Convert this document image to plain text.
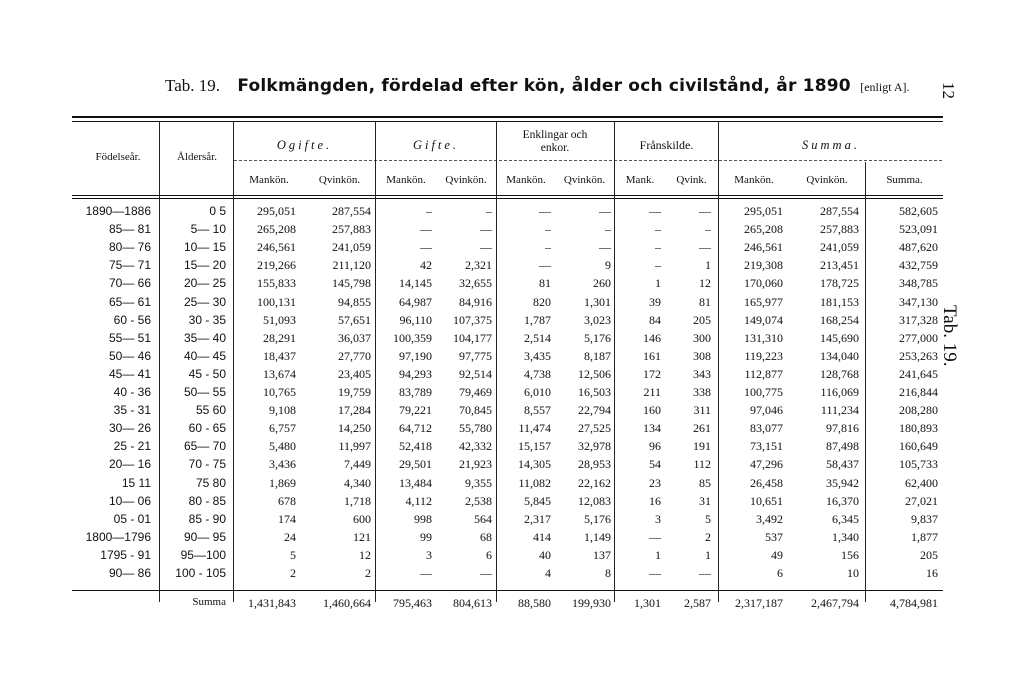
Tab. 19. Folkmängden, fördelad efter kön, ålder och civilstånd, år 1890 [enligt A]. 12
Tab. 19.
Födelseår.	Åldersår.
Ogifte.	Gifte.
Enklingar och enkor.	Frånskilde.	Summa.
Mankön.	Qvinkön.	Mankön.	Qvinkön.	Mankön.	Qvinkön.	Mank.	Qvink.	Mankön.	Qvinkön.	Summa.
1890—1886	0 5	295,051	287,554	–	–	—	—	—	—	295,051	287,554	582,605
85— 81	5— 10	265,208	257,883	—	—	–	–	–	–	265,208	257,883	523,091
80— 76	10— 15	246,561	241,059	—	—	–	—	–	—	246,561	241,059	487,620
75— 71	15— 20	219,266	211,120	42	2,321	—	9	–	1	219,308	213,451	432,759
70— 66	20— 25	155,833	145,798	14,145	32,655	81	260	1	12	170,060	178,725	348,785
65— 61	25— 30	100,131	94,855	64,987	84,916	820	1,301	39	81	165,977	181,153	347,130
60 - 56	30 - 35	51,093	57,651	96,110	107,375	1,787	3,023	84	205	149,074	168,254	317,328
55— 51	35— 40	28,291	36,037	100,359	104,177	2,514	5,176	146	300	131,310	145,690	277,000
50— 46	40— 45	18,437	27,770	97,190	97,775	3,435	8,187	161	308	119,223	134,040	253,263
45— 41	45 - 50	13,674	23,405	94,293	92,514	4,738	12,506	172	343	112,877	128,768	241,645
40 - 36	50— 55	10,765	19,759	83,789	79,469	6,010	16,503	211	338	100,775	116,069	216,844
35 - 31	55 60	9,108	17,284	79,221	70,845	8,557	22,794	160	311	97,046	111,234	208,280
30— 26	60 - 65	6,757	14,250	64,712	55,780	11,474	27,525	134	261	83,077	97,816	180,893
25 - 21	65— 70	5,480	11,997	52,418	42,332	15,157	32,978	96	191	73,151	87,498	160,649
20— 16	70 - 75	3,436	7,449	29,501	21,923	14,305	28,953	54	112	47,296	58,437	105,733
15 11	75 80	1,869	4,340	13,484	9,355	11,082	22,162	23	85	26,458	35,942	62,400
10— 06	80 - 85	678	1,718	4,112	2,538	5,845	12,083	16	31	10,651	16,370	27,021
05 - 01	85 - 90	174	600	998	564	2,317	5,176	3	5	3,492	6,345	9,837
1800—1796	90— 95	24	121	99	68	414	1,149	—	2	537	1,340	1,877
1795 - 91	95—100	5	12	3	6	40	137	1	1	49	156	205
90— 86	100 - 105	2	2	—	—	4	8	—	—	6	10	16
Summa	1,431,843	1,460,664	795,463	804,613	88,580	199,930	1,301	2,587	2,317,187	2,467,794	4,784,981
